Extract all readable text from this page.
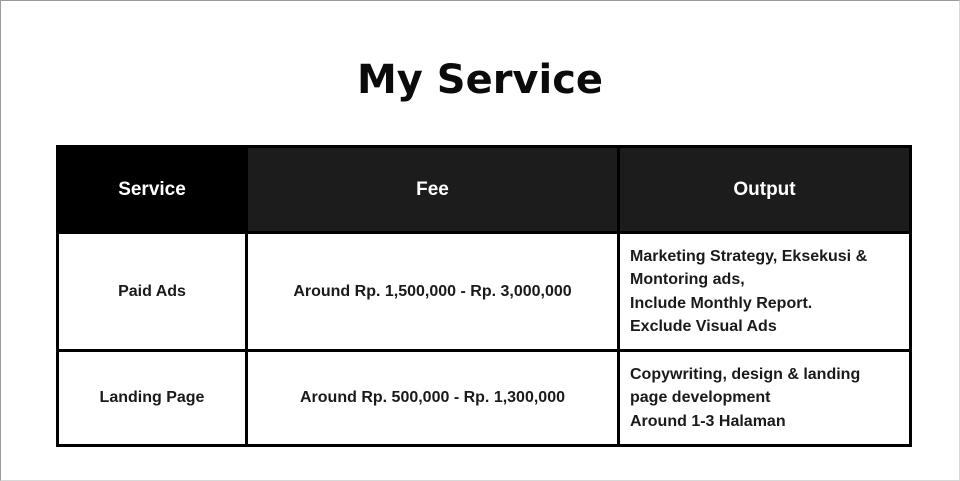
My Service
Service	Fee	Output
Paid Ads	Around Rp. 1,500,000 - Rp. 3,000,000	Marketing Strategy, Eksekusi &
Montoring ads,
Include Monthly Report.
Exclude Visual Ads

Landing Page	Around Rp. 500,000 - Rp. 1,300,000	Copywriting, design & landing
page development
Around 1-3 Halaman
